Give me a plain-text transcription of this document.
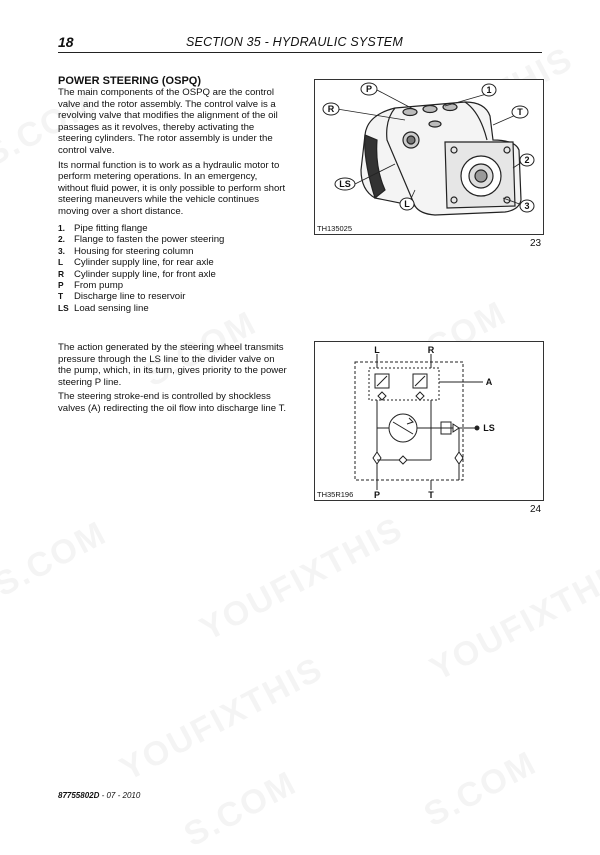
18	SECTION 35 - HYDRAULIC SYSTEM
POWER STEERING (OSPQ)

The main components of the OSPQ are the control valve and the rotor assembly. The control valve is a revolving valve that modifies the alignment of the oil passages as it revolves, thereby activating the steering cylinders. The rotor assembly is under the control valve.

Its normal function is to work as a hydraulic motor to perform metering operations. In an emergency, without fluid power, it is only possible to perform short steering maneuvers while the vehicle continues moving over a short distance.

1. Pipe fitting flange
2. Flange to fasten the power steering
3. Housing for steering column
L	Cylinder supply line, for rear axle
R	Cylinder supply line, for front axle
P	From pump
T	Discharge line to reservoir
LS Load sensing line

The action generated by the steering wheel transmits pressure through the LS line to the divider valve on the pump, which, in its turn, gives priority to the power steering P line.

The steering stroke-end is controlled by shockless valves (A) redirecting the oil flow into discharge line T.

P
R
1
T
2
3
LS
L
TH135025
23
L	R
A
LS
P	T
TH35R196
24
87755802D - 07 - 2010
